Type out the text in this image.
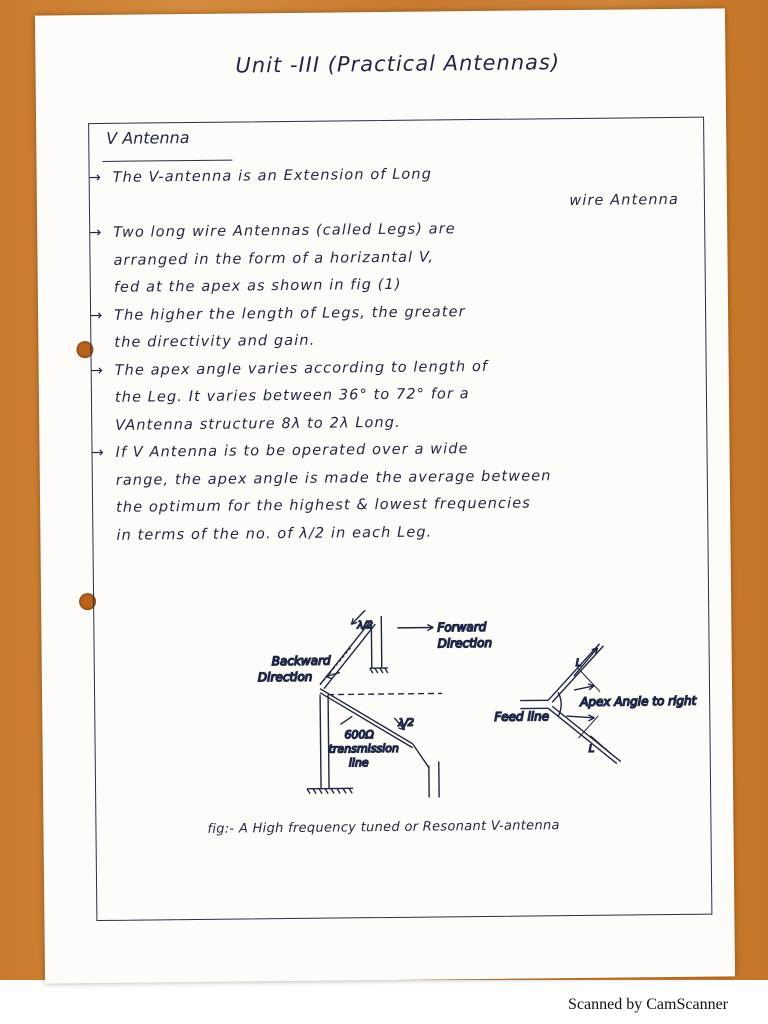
Unit -III (Practical Antennas)
V Antenna
→ The V-antenna is an Extension of Long
wire Antenna
→ Two long wire Antennas (called Legs) are
arranged in the form of a horizantal V,
fed at the apex as shown in fig (1)
→ The higher the length of Legs, the greater
the directivity and gain.
→ The apex angle varies according to length of
the Leg. It varies between 36° to 72° for a
VAntenna structure 8λ to 2λ Long.
→ If V Antenna is to be operated over a wide
range, the apex angle is made the average between
the optimum for the highest & lowest frequencies
in terms of the no. of λ/2 in each Leg.
Forward
Direction
Backward
Direction
600Ω
transmission
line
λ/2
λ/2	Feed line
Apex Angle to right
L
L
fig:- A High frequency tuned or Resonant V-antenna
Scanned by CamScanner
